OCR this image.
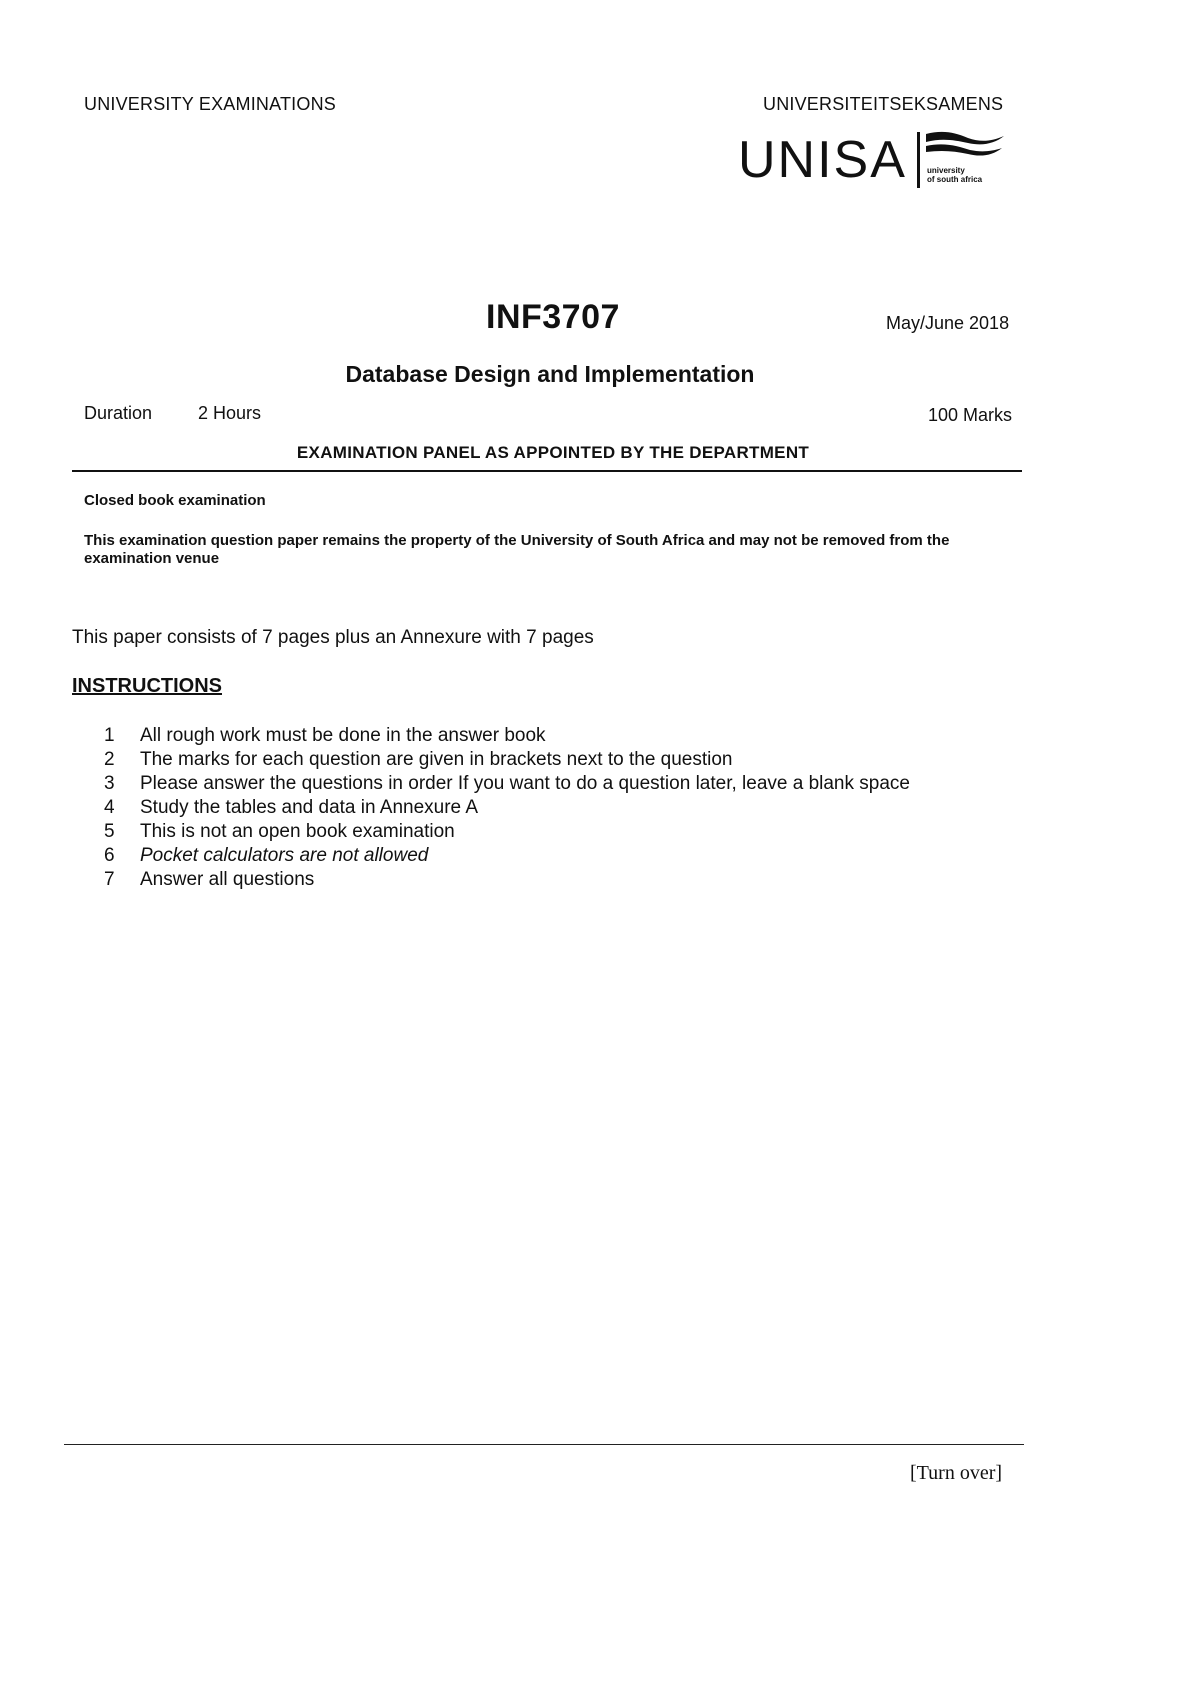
UNIVERSITY EXAMINATIONS	UNIVERSITEITSEKSAMENS
UNISA	university
of south africa
INF3707	May/June 2018
Database Design and Implementation
Duration	2 Hours	100 Marks
EXAMINATION PANEL AS APPOINTED BY THE DEPARTMENT
Closed book examination
This examination question paper remains the property of the University of South Africa and may not be removed from the examination venue
This paper consists of 7 pages plus an Annexure with 7 pages
INSTRUCTIONS
1 All rough work must be done in the answer book
2 The marks for each question are given in brackets next to the question
3 Please answer the questions in order If you want to do a question later, leave a blank space
4 Study the tables and data in Annexure A
5 This is not an open book examination
6 Pocket calculators are not allowed
7 Answer all questions
[Turn over]
